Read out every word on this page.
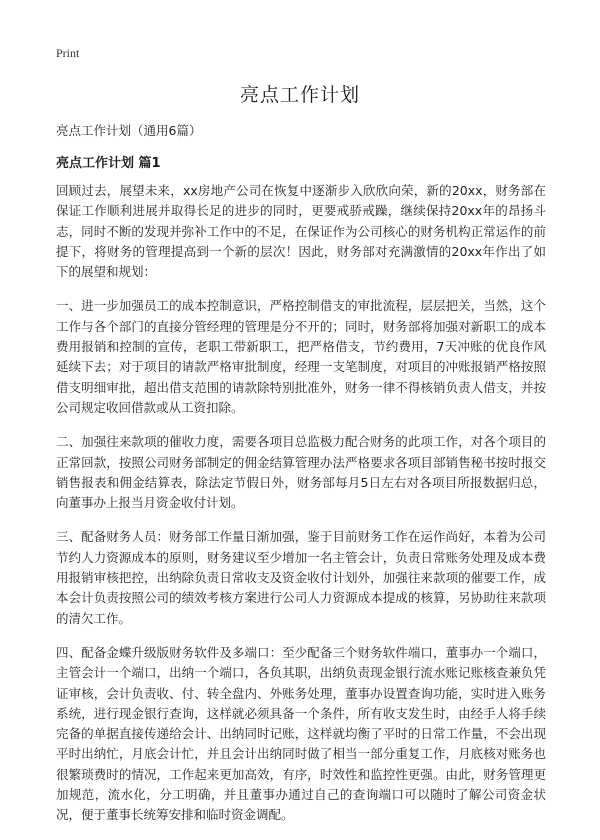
Print
亮点工作计划
亮点工作计划（通用6篇）
亮点工作计划 篇1

回顾过去，展望未来，xx房地产公司在恢复中逐渐步入欣欣向荣，新的20xx，财务部在保证工作顺利进展并取得长足的进步的同时，更要戒骄戒躁，继续保持20xx年的昂扬斗志，同时不断的发现并弥补工作中的不足，在保证作为公司核心的财务机构正常运作的前提下，将财务的管理提高到一个新的层次！因此，财务部对充满激情的20xx年作出了如下的展望和规划：

一、进一步加强员工的成本控制意识，严格控制借支的审批流程，层层把关，当然，这个工作与各个部门的直接分管经理的管理是分不开的；同时，财务部将加强对新职工的成本费用报销和控制的宣传，老职工带新职工，把严格借支，节约费用，7天冲账的优良作风延续下去；对于项目的请款严格审批制度，经理一支笔制度，对项目的冲账报销严格按照借支明细审批，超出借支范围的请款除特别批准外，财务一律不得核销负责人借支，并按公司规定收回借款或从工资扣除。

二、加强往来款项的催收力度，需要各项目总监极力配合财务的此项工作，对各个项目的正常回款，按照公司财务部制定的佣金结算管理办法严格要求各项目部销售秘书按时报交销售报表和佣金结算表，除法定节假日外，财务部每月5日左右对各项目所报数据归总，向董事办上报当月资金收付计划。

三、配备财务人员：财务部工作量日渐加强，鉴于目前财务工作在运作尚好，本着为公司节约人力资源成本的原则，财务建议至少增加一名主管会计，负责日常账务处理及成本费用报销审核把控，出纳除负责日常收支及资金收付计划外，加强往来款项的催要工作，成本会计负责按照公司的绩效考核方案进行公司人力资源成本提成的核算，另协助往来款项的清欠工作。

四、配备金蝶升级版财务软件及多端口：至少配备三个财务软件端口，董事办一个端口，主管会计一个端口，出纳一个端口，各负其职，出纳负责现金银行流水账记账核查兼负凭证审核，会计负责收、付、转全盘内、外账务处理，董事办设置查询功能，实时进入账务系统，进行现金银行查询，这样就必须具备一个条件，所有收支发生时，由经手人将手续完备的单据直接传递给会计、出纳同时记账，这样就均衡了平时的日常工作量，不会出现平时出纳忙，月底会计忙，并且会计出纳同时做了相当一部分重复工作，月底核对账务也很繁琐费时的情况，工作起来更加高效，有序，时效性和监控性更强。由此，财务管理更加规范，流水化，分工明确，并且董事办通过自己的查询端口可以随时了解公司资金状况，便于董事长统筹安排和临时资金调配。
